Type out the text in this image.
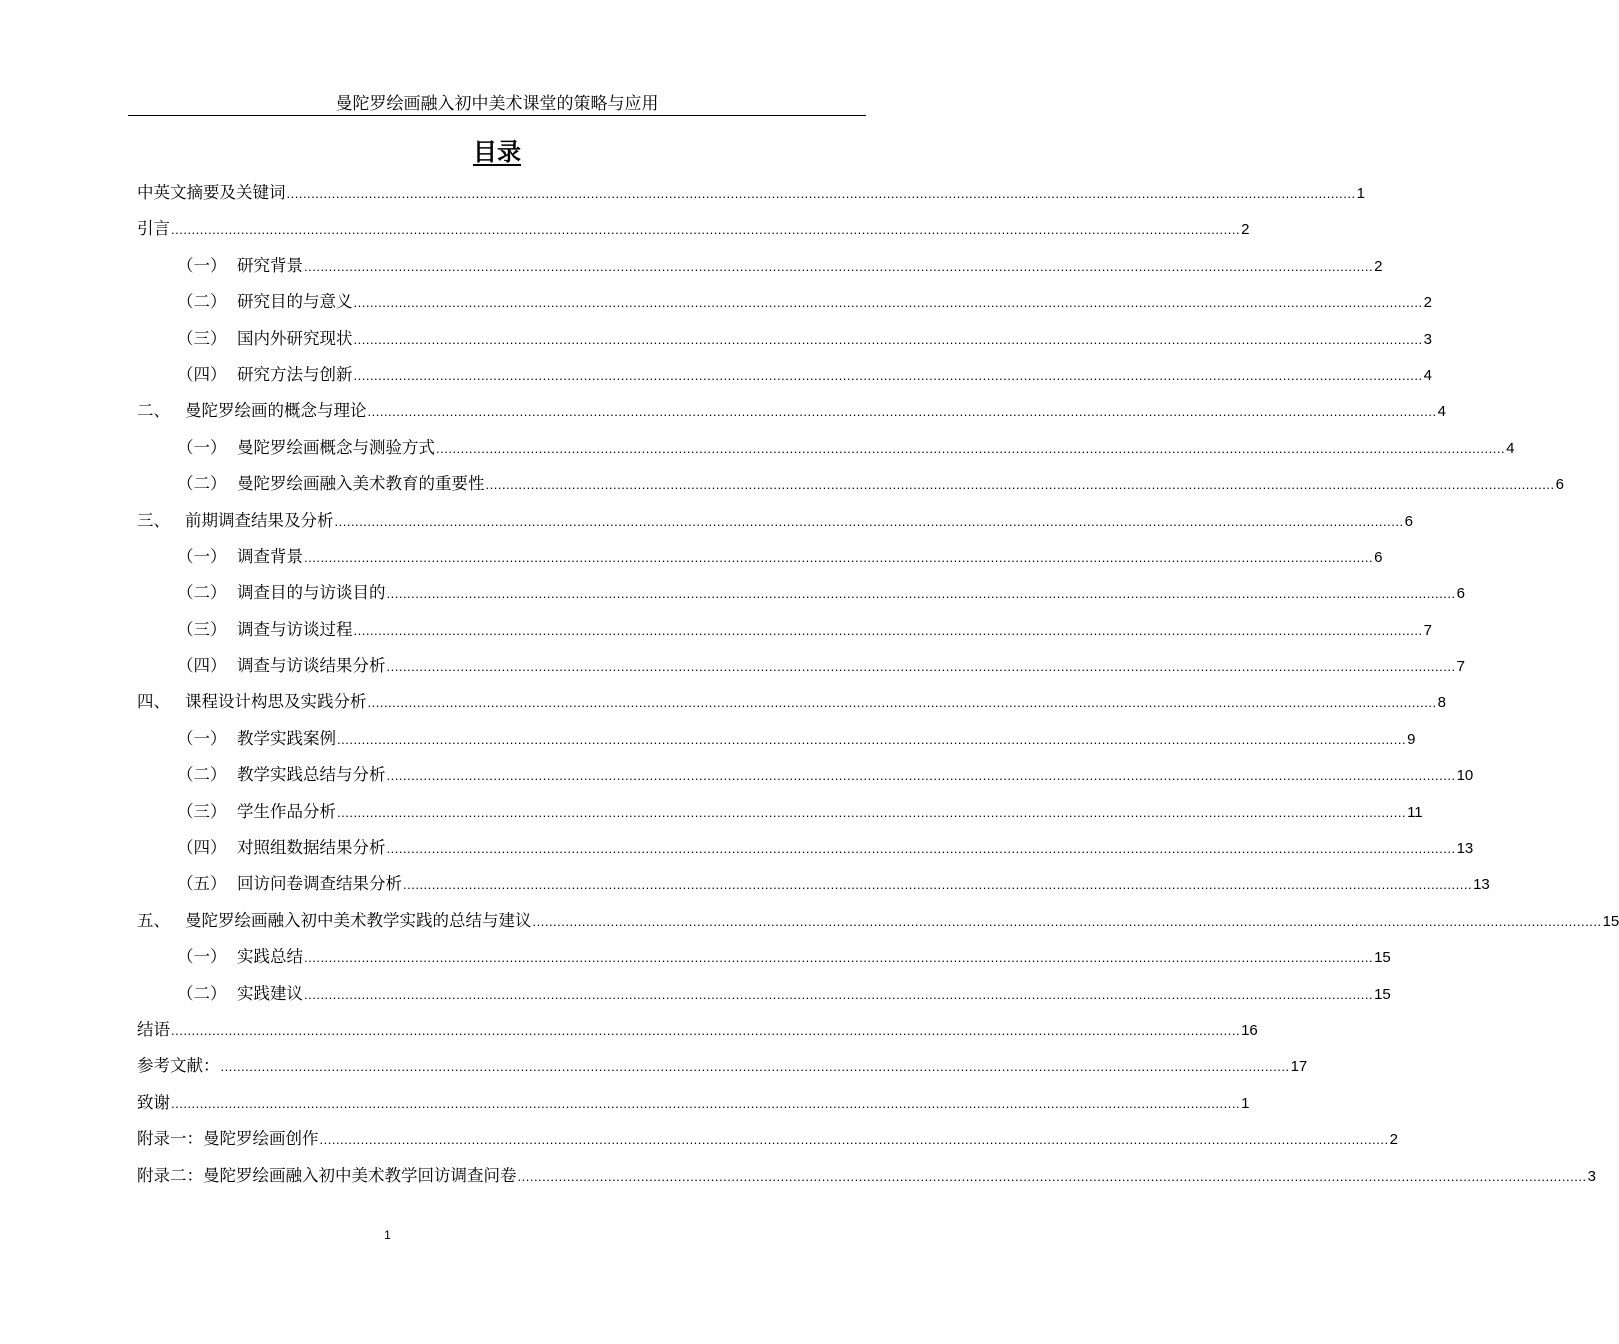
曼陀罗绘画融入初中美术课堂的策略与应用
目录
中英文摘要及关键词 .................................................................................................................................................................................................................................................................... 1
引言 .................................................................................................................................................................................................................................................................... 2
（一） 研究背景 .................................................................................................................................................................................................................................................................... 2
（二） 研究目的与意义 .................................................................................................................................................................................................................................................................... 2
（三） 国内外研究现状 .................................................................................................................................................................................................................................................................... 3
（四） 研究方法与创新 .................................................................................................................................................................................................................................................................... 4
二、 曼陀罗绘画的概念与理论 .................................................................................................................................................................................................................................................................... 4
（一） 曼陀罗绘画概念与测验方式 .................................................................................................................................................................................................................................................................... 4
（二） 曼陀罗绘画融入美术教育的重要性 .................................................................................................................................................................................................................................................................... 6
三、 前期调查结果及分析 .................................................................................................................................................................................................................................................................... 6
（一） 调查背景 .................................................................................................................................................................................................................................................................... 6
（二） 调查目的与访谈目的 .................................................................................................................................................................................................................................................................... 6
（三） 调查与访谈过程 .................................................................................................................................................................................................................................................................... 7
（四） 调查与访谈结果分析 .................................................................................................................................................................................................................................................................... 7
四、 课程设计构思及实践分析 .................................................................................................................................................................................................................................................................... 8
（一） 教学实践案例 .................................................................................................................................................................................................................................................................... 9
（二） 教学实践总结与分析 .................................................................................................................................................................................................................................................................... 10
（三） 学生作品分析 .................................................................................................................................................................................................................................................................... 11
（四） 对照组数据结果分析 .................................................................................................................................................................................................................................................................... 13
（五） 回访问卷调查结果分析 .................................................................................................................................................................................................................................................................... 13
五、 曼陀罗绘画融入初中美术教学实践的总结与建议 .................................................................................................................................................................................................................................................................... 15
（一） 实践总结 .................................................................................................................................................................................................................................................................... 15
（二） 实践建议 .................................................................................................................................................................................................................................................................... 15
结语 .................................................................................................................................................................................................................................................................... 16
参考文献： .................................................................................................................................................................................................................................................................... 17
致谢 .................................................................................................................................................................................................................................................................... 1
附录一：曼陀罗绘画创作 .................................................................................................................................................................................................................................................................... 2
附录二：曼陀罗绘画融入初中美术教学回访调查问卷 .................................................................................................................................................................................................................................................................... 3
1
